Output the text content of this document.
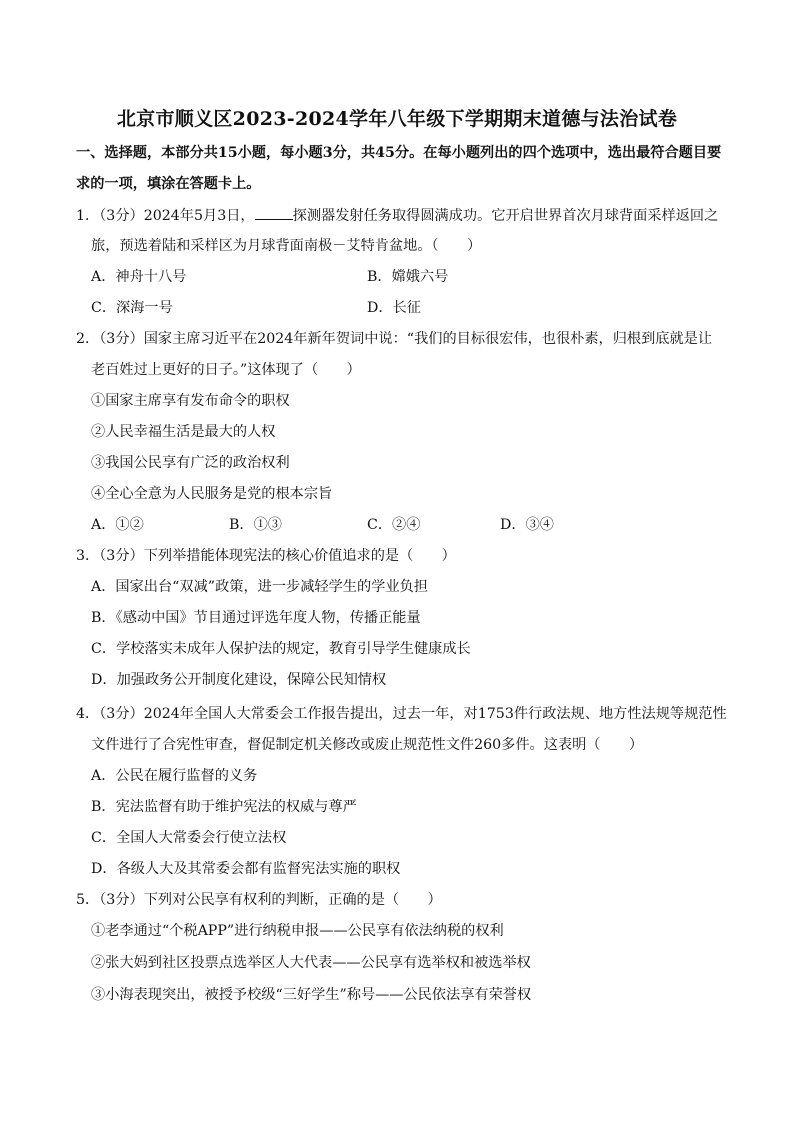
北京市顺义区2023-2024学年八年级下学期期末道德与法治试卷
一、选择题，本部分共15小题，每小题3分，共45分。在每小题列出的四个选项中，选出最符合题目要
求的一项，填涂在答题卡上。
1．（3分）2024年5月3日，	探测器发射任务取得圆满成功。它开启世界首次月球背面采样返回之
旅，预选着陆和采样区为月球背面南极－艾特肯盆地。（　　）
A．神舟十八号	B．嫦娥六号
C．深海一号	D．长征
2．（3分）国家主席习近平在2024年新年贺词中说：“我们的目标很宏伟，也很朴素，归根到底就是让
老百姓过上更好的日子。”这体现了（　　）
①国家主席享有发布命令的职权
②人民幸福生活是最大的人权
③我国公民享有广泛的政治权利
④全心全意为人民服务是党的根本宗旨
A．①②	B．①③	C．②④	D．③④
3．（3分）下列举措能体现宪法的核心价值追求的是（　　）
A．国家出台“双减”政策，进一步减轻学生的学业负担
B．《感动中国》节目通过评选年度人物，传播正能量
C．学校落实未成年人保护法的规定，教育引导学生健康成长
D．加强政务公开制度化建设，保障公民知情权
4．（3分）2024年全国人大常委会工作报告提出，过去一年，对1753件行政法规、地方性法规等规范性
文件进行了合宪性审查，督促制定机关修改或废止规范性文件260多件。这表明（　　）
A．公民在履行监督的义务
B．宪法监督有助于维护宪法的权威与尊严
C．全国人大常委会行使立法权
D．各级人大及其常委会都有监督宪法实施的职权
5．（3分）下列对公民享有权利的判断，正确的是（　　）
①老李通过“个税APP”进行纳税申报——公民享有依法纳税的权利
②张大妈到社区投票点选举区人大代表——公民享有选举权和被选举权
③小海表现突出，被授予校级“三好学生”称号——公民依法享有荣誉权
